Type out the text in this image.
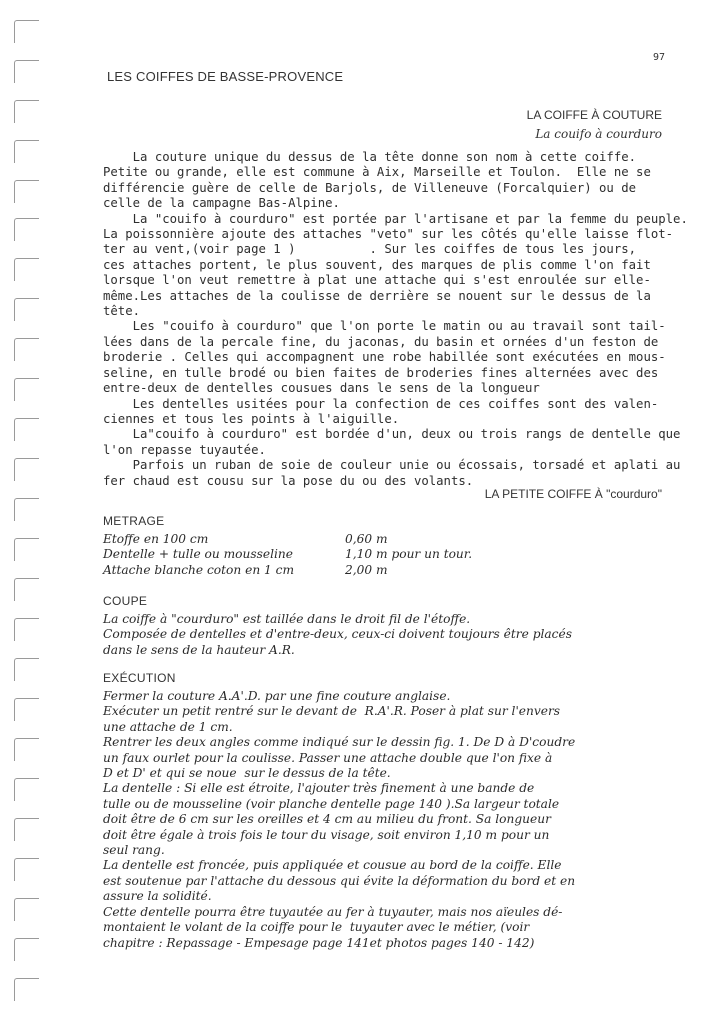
97
LES COIFFES DE BASSE-PROVENCE
LA COIFFE À COUTURE
La couifo à courduro
La couture unique du dessus de la tête donne son nom à cette coiffe.
Petite ou grande, elle est commune à Aix, Marseille et Toulon.  Elle ne se
différencie guère de celle de Barjols, de Villeneuve (Forcalquier) ou de
celle de la campagne Bas-Alpine.
La "couifo à courduro" est portée par l'artisane et par la femme du peuple.
La poissonnière ajoute des attaches "veto" sur les côtés qu'elle laisse flot-
ter au vent,(voir page 1 )          . Sur les coiffes de tous les jours,
ces attaches portent, le plus souvent, des marques de plis comme l'on fait
lorsque l'on veut remettre à plat une attache qui s'est enroulée sur elle-
même.Les attaches de la coulisse de derrière se nouent sur le dessus de la
tête.
Les "couifo à courduro" que l'on porte le matin ou au travail sont tail-
lées dans de la percale fine, du jaconas, du basin et ornées d'un feston de
broderie . Celles qui accompagnent une robe habillée sont exécutées en mous-
seline, en tulle brodé ou bien faites de broderies fines alternées avec des
entre-deux de dentelles cousues dans le sens de la longueur
Les dentelles usitées pour la confection de ces coiffes sont des valen-
ciennes et tous les points à l'aiguille.
La"couifo à courduro" est bordée d'un, deux ou trois rangs de dentelle que
l'on repasse tuyautée.
Parfois un ruban de soie de couleur unie ou écossais, torsadé et aplati au
fer chaud est cousu sur la pose du ou des volants.
LA PETITE COIFFE À "courduro"
METRAGE
Etoffe en 100 cm	0,60 m
Dentelle + tulle ou mousseline	1,10 m pour un tour.
Attache blanche coton en 1 cm	2,00 m
COUPE
La coiffe à "courduro" est taillée dans le droit fil de l'étoffe.
Composée de dentelles et d'entre-deux, ceux-ci doivent toujours être placés
dans le sens de la hauteur A.R.
EXÉCUTION
Fermer la couture A.A'.D. par une fine couture anglaise.
Exécuter un petit rentré sur le devant de  R.A'.R. Poser à plat sur l'envers
une attache de 1 cm.
Rentrer les deux angles comme indiqué sur le dessin fig. 1. De D à D'coudre
un faux ourlet pour la coulisse. Passer une attache double que l'on fixe à
D et D' et qui se noue  sur le dessus de la tête.
La dentelle : Si elle est étroite, l'ajouter très finement à une bande de
tulle ou de mousseline (voir planche dentelle page 140 ).Sa largeur totale
doit être de 6 cm sur les oreilles et 4 cm au milieu du front. Sa longueur
doit être égale à trois fois le tour du visage, soit environ 1,10 m pour un
seul rang.
La dentelle est froncée, puis appliquée et cousue au bord de la coiffe. Elle
est soutenue par l'attache du dessous qui évite la déformation du bord et en
assure la solidité.
Cette dentelle pourra être tuyautée au fer à tuyauter, mais nos aïeules dé-
montaient le volant de la coiffe pour le  tuyauter avec le métier, (voir
chapitre : Repassage - Empesage page 141et photos pages 140 - 142)
